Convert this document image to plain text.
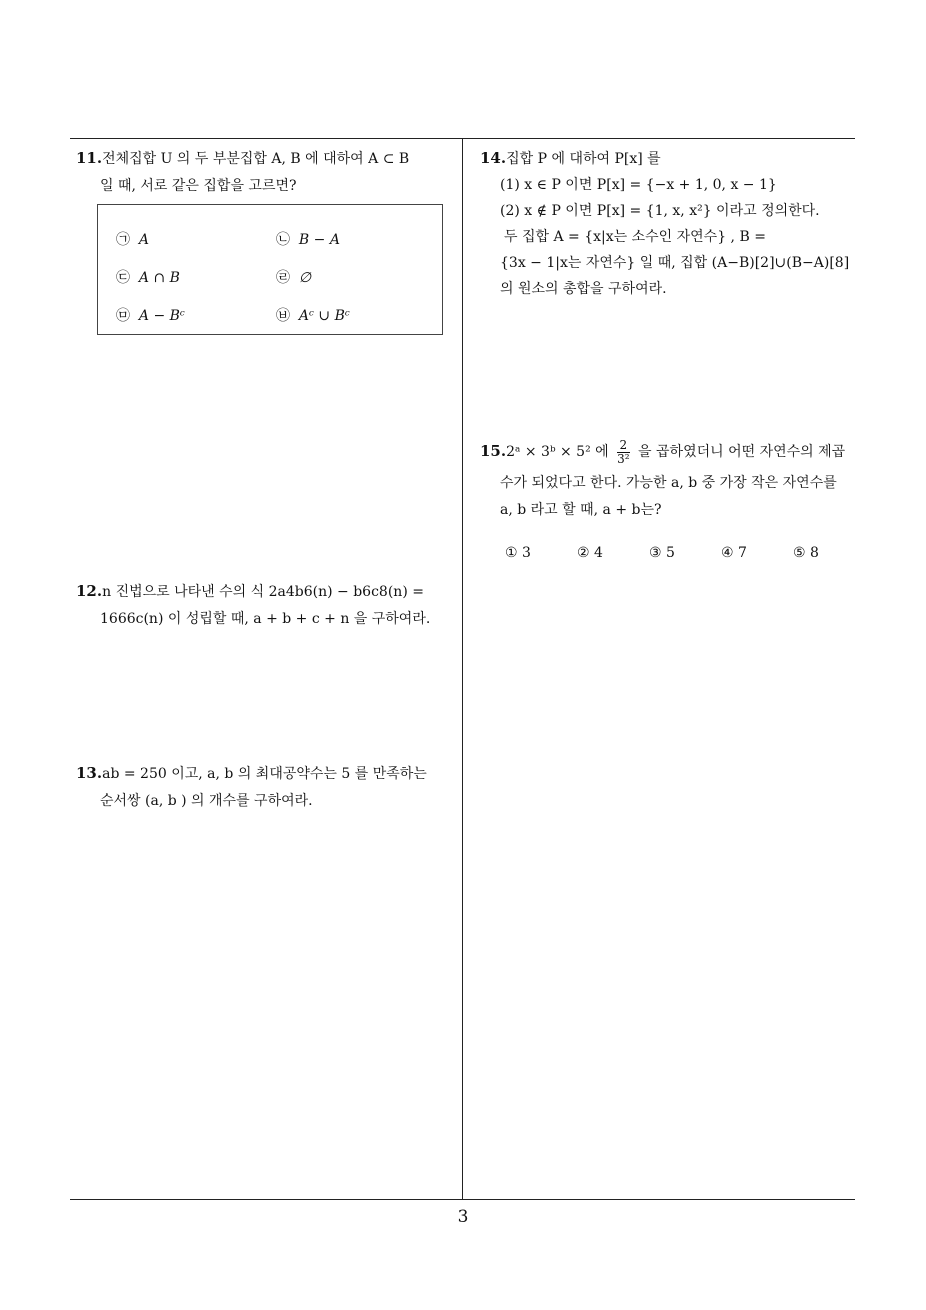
11.전체집합 U 의 두 부분집합 A, B 에 대하여 A ⊂ B
일 때, 서로 같은 집합을 고르면?
㉠ A	㉡ B − A
㉢ A ∩ B	㉣ ∅
㉤ A − Bᶜ	㉥ Aᶜ ∪ Bᶜ
12.n 진법으로 나타낸 수의 식 2a4b6(n) − b6c8(n) =
1666c(n) 이 성립할 때, a + b + c + n 을 구하여라.
13.ab = 250 이고, a, b 의 최대공약수는 5 를 만족하는
순서쌍 (a, b ) 의 개수를 구하여라.
14.집합 P 에 대하여 P[x] 를
(1) x ∈ P 이면 P[x] = {−x + 1, 0, x − 1}
(2) x ∉ P 이면 P[x] = {1, x, x²} 이라고 정의한다.
두 집합 A = {x|x는 소수인 자연수} , B =
{3x − 1|x는 자연수} 일 때, 집합 (A−B)[2]∪(B−A)[8]
의 원소의 총합을 구하여라.
15.2ᵃ × 3ᵇ × 5² 에 $\frac{2}{\text{3²}}$ 을 곱하였더니 어떤 자연수의 제곱
수가 되었다고 한다. 가능한 a, b 중 가장 작은 자연수를
a, b 라고 할 때, a + b는?
① 3	② 4	③ 5	④ 7	⑤ 8
3
